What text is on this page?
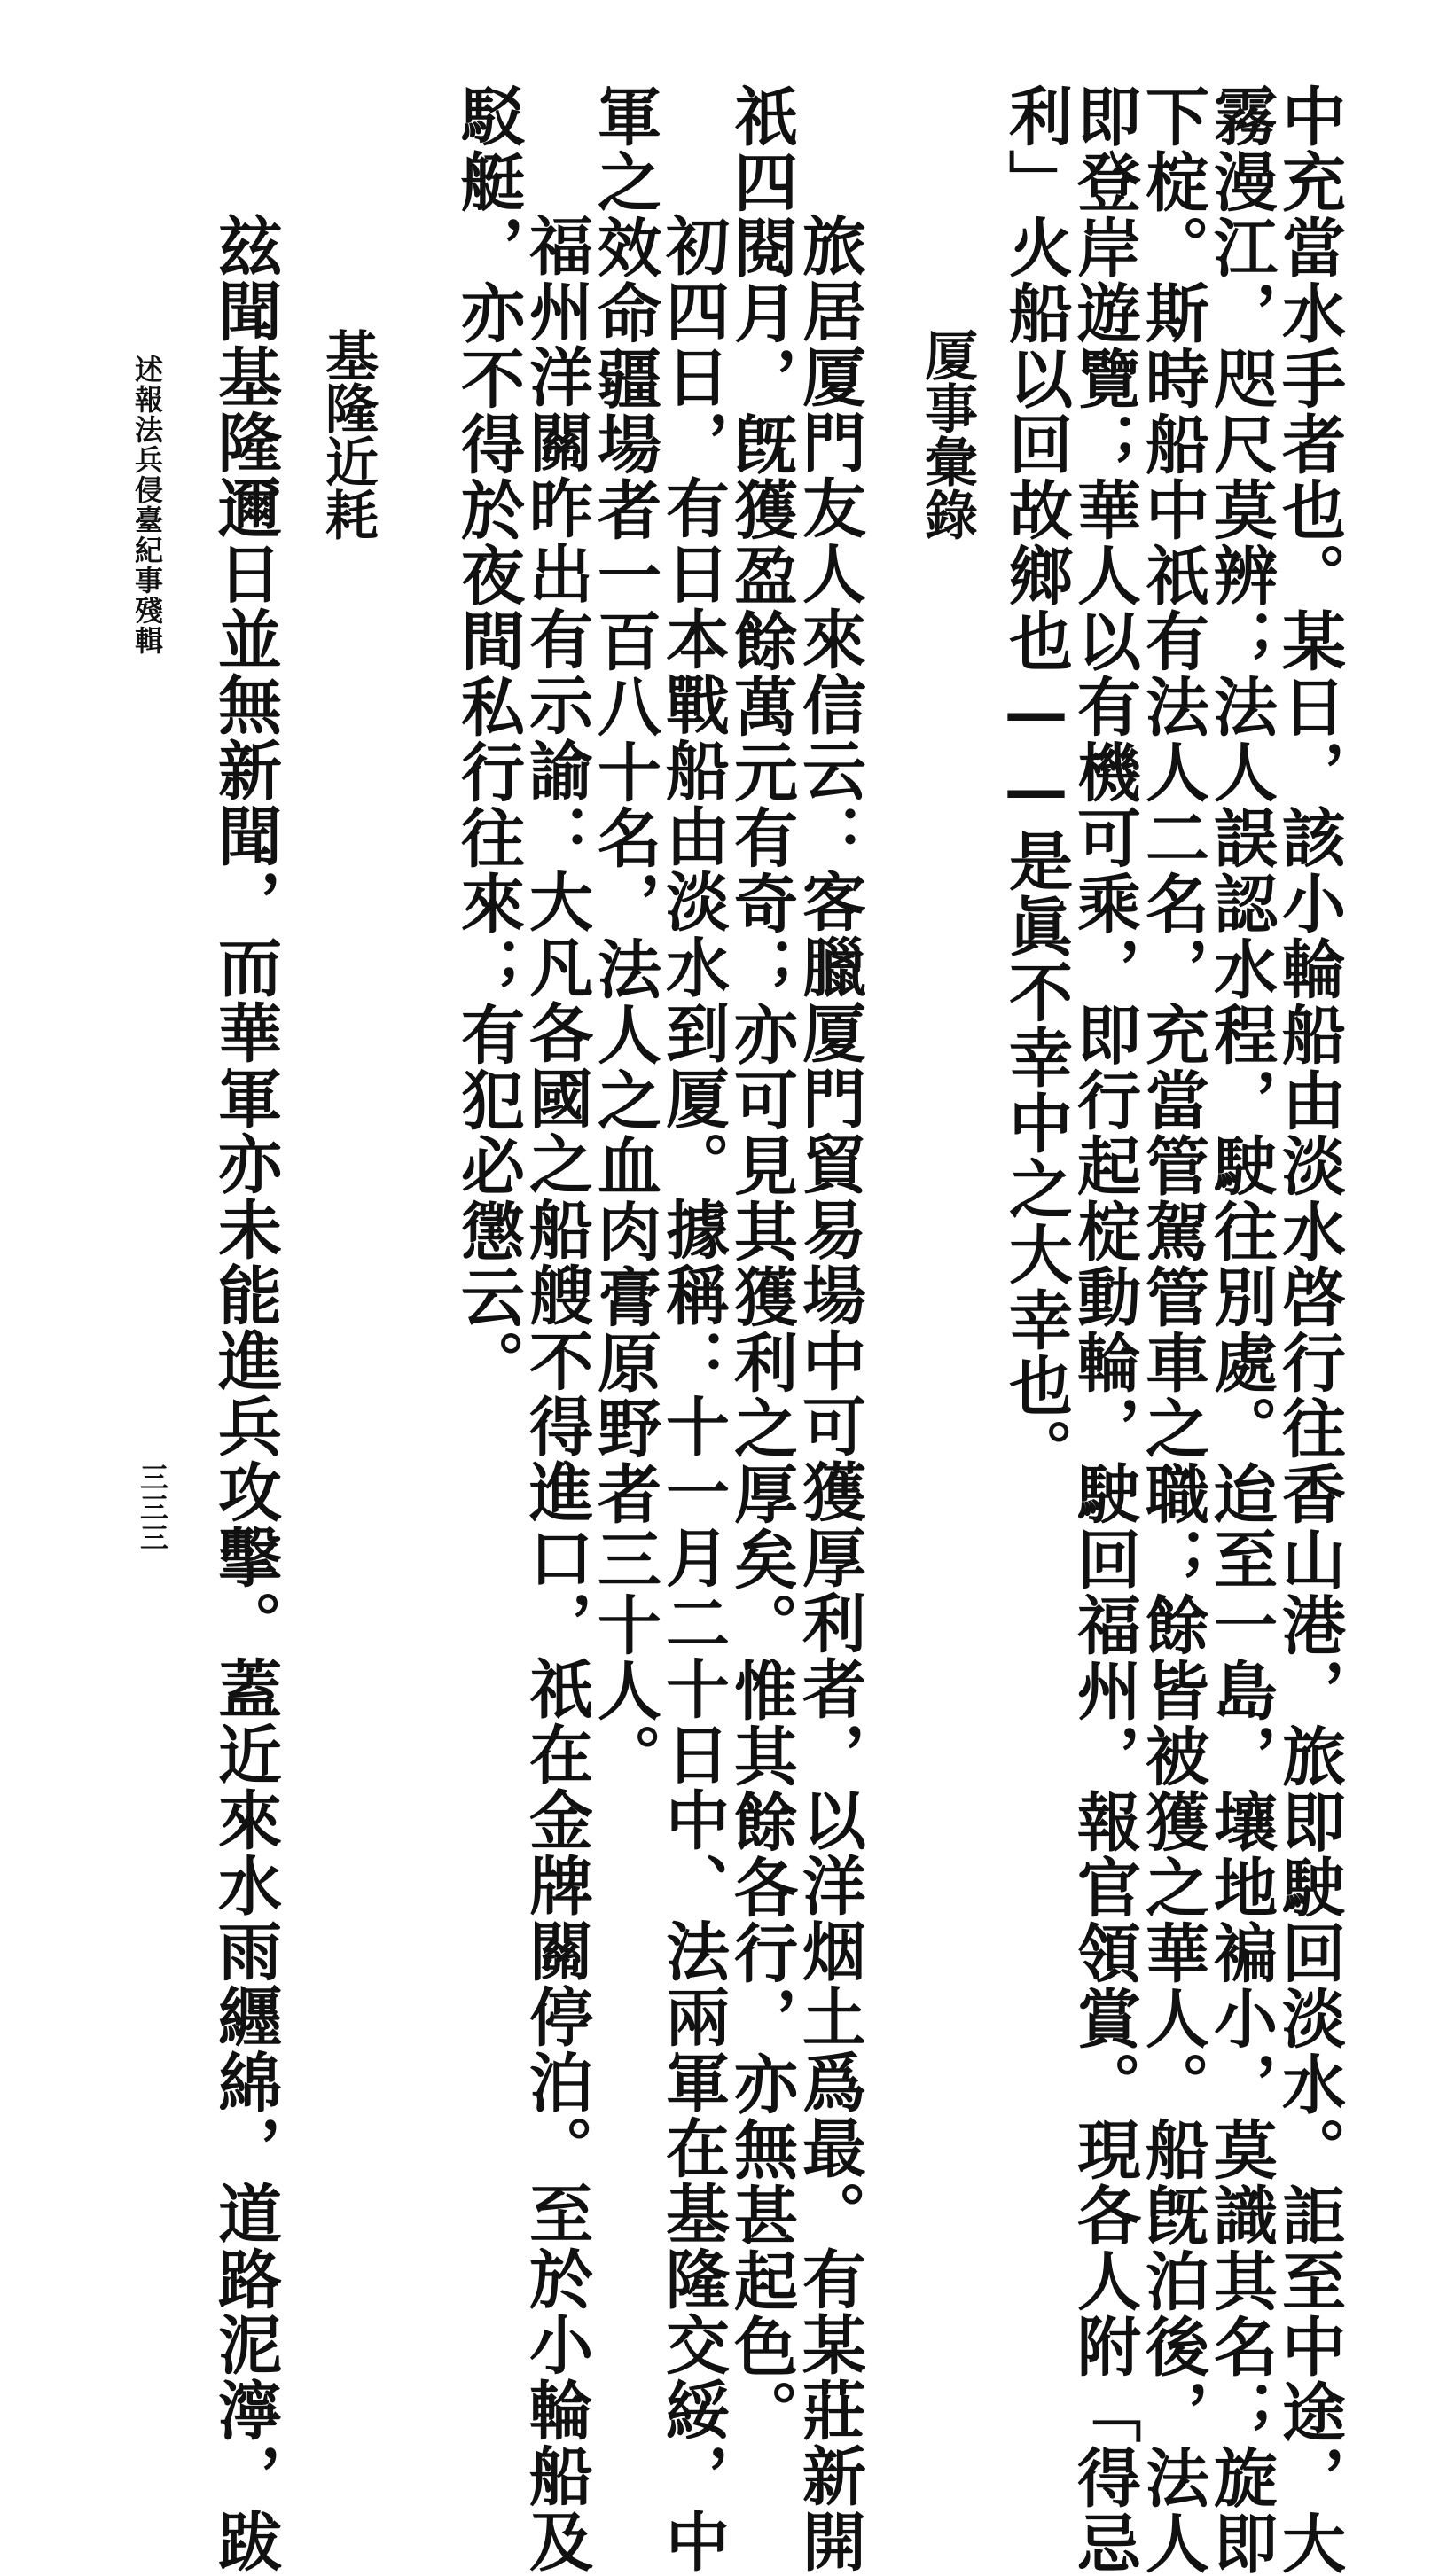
中充當水手者也。某日，該小輪船由淡水啓行往香山港，旅即駛回淡水。詎至中途，大
霧漫江，咫尺莫辨；法人誤認水程，駛往別處。迨至一島，壤地褊小，莫識其名；旋即
下椗。斯時船中祇有法人二名，充當管駕管車之職；餘皆被獲之華人。船旣泊後，法人
即登岸遊覽；華人以有機可乘，即行起椗動輪，駛回福州，報官領賞。現各人附「得忌
利」火船以回故鄉也——是眞不幸中之大幸也。
厦事彙錄
旅居厦門友人來信云：客臘厦門貿易場中可獲厚利者，以洋烟土爲最。有某莊新開
祇四閱月，旣獲盈餘萬元有奇；亦可見其獲利之厚矣。惟其餘各行，亦無甚起色。
初四日，有日本戰船由淡水到厦。據稱：十一月二十日中、法兩軍在基隆交綏，中
軍之效命疆場者一百八十名，法人之血肉膏原野者三十人。
福州洋關昨出有示諭：大凡各國之船艘不得進口，祇在金牌關停泊。至於小輪船及
駁艇，亦不得於夜間私行往來；有犯必懲云。
基隆近耗
玆聞基隆邇日並無新聞，而華軍亦未能進兵攻擊。蓋近來水雨纒綿，道路泥濘，跋
述報法兵侵臺紀事殘輯
三三三
